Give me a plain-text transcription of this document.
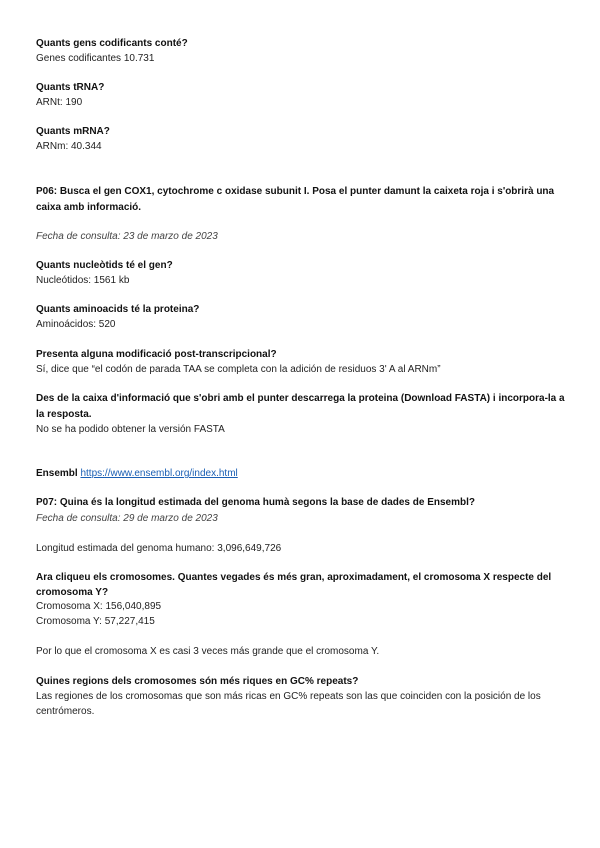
Quants gens codificants conté?
Genes codificantes 10.731
Quants tRNA?
ARNt: 190
Quants mRNA?
ARNm: 40.344
P06: Busca el gen COX1, cytochrome c oxidase subunit I. Posa el punter damunt la caixeta roja i s'obrirà una caixa amb informació.
Fecha de consulta: 23 de marzo de 2023
Quants nucleòtids té el gen?
Nucleótidos: 1561 kb
Quants aminoacids té la proteina?
Aminoácidos: 520
Presenta alguna modificació post-transcripcional?
Sí, dice que “el codón de parada TAA se completa con la adición de residuos 3' A al ARNm”
Des de la caixa d'informació que s'obri amb el punter descarrega la proteina (Download FASTA) i incorpora-la a la resposta.
No se ha podido obtener la versión FASTA
Ensembl https://www.ensembl.org/index.html
P07: Quina és la longitud estimada del genoma humà segons la base de dades de Ensembl?
Fecha de consulta: 29 de marzo de 2023
Longitud estimada del genoma humano: 3,096,649,726
Ara cliqueu els cromosomes. Quantes vegades és més gran, aproximadament, el cromosoma X respecte del cromosoma Y?
Cromosoma X: 156,040,895
Cromosoma Y: 57,227,415
Por lo que el cromosoma X es casi 3 veces más grande que el cromosoma Y.
Quines regions dels cromosomes són més riques en GC% repeats?
Las regiones de los cromosomas que son más ricas en GC% repeats son las que coinciden con la posición de los centrómeros.
